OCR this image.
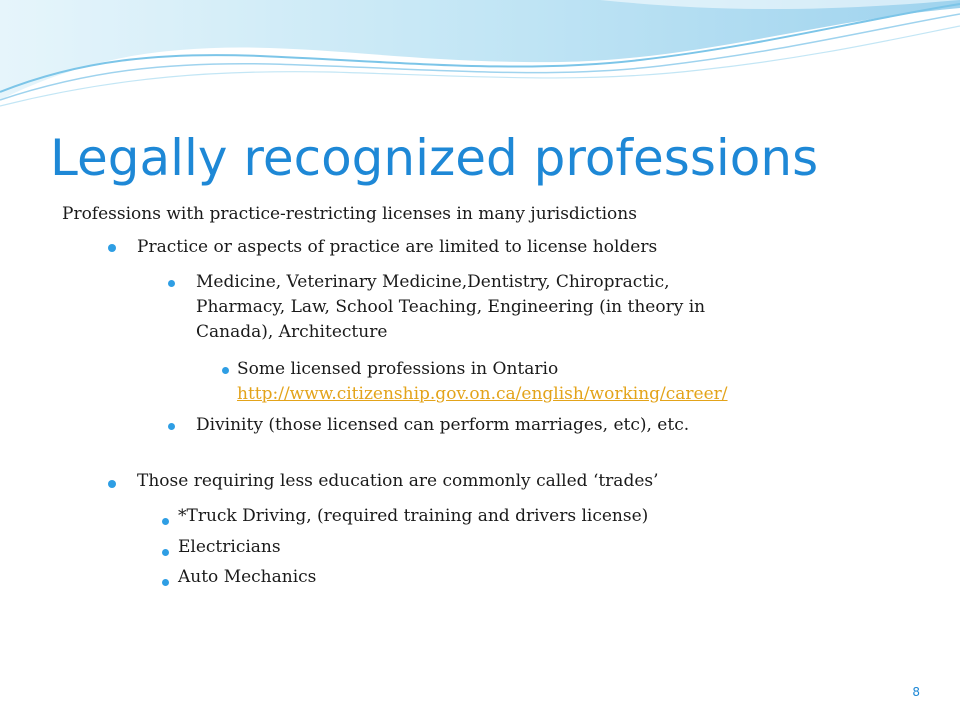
Legally recognized professions

Professions with practice-restricting licenses in many jurisdictions

Practice or aspects of practice are limited to license holders

Medicine, Veterinary Medicine,Dentistry, Chiropractic,

Pharmacy, Law, School Teaching, Engineering (in theory in

Canada), Architecture

Some licensed professions in Ontario

http://www.citizenship.gov.on.ca/english/working/career/

Divinity (those licensed can perform marriages, etc), etc.

Those requiring less education are commonly called ‘trades’

*Truck Driving, (required training and drivers license)

Electricians

Auto Mechanics

8
